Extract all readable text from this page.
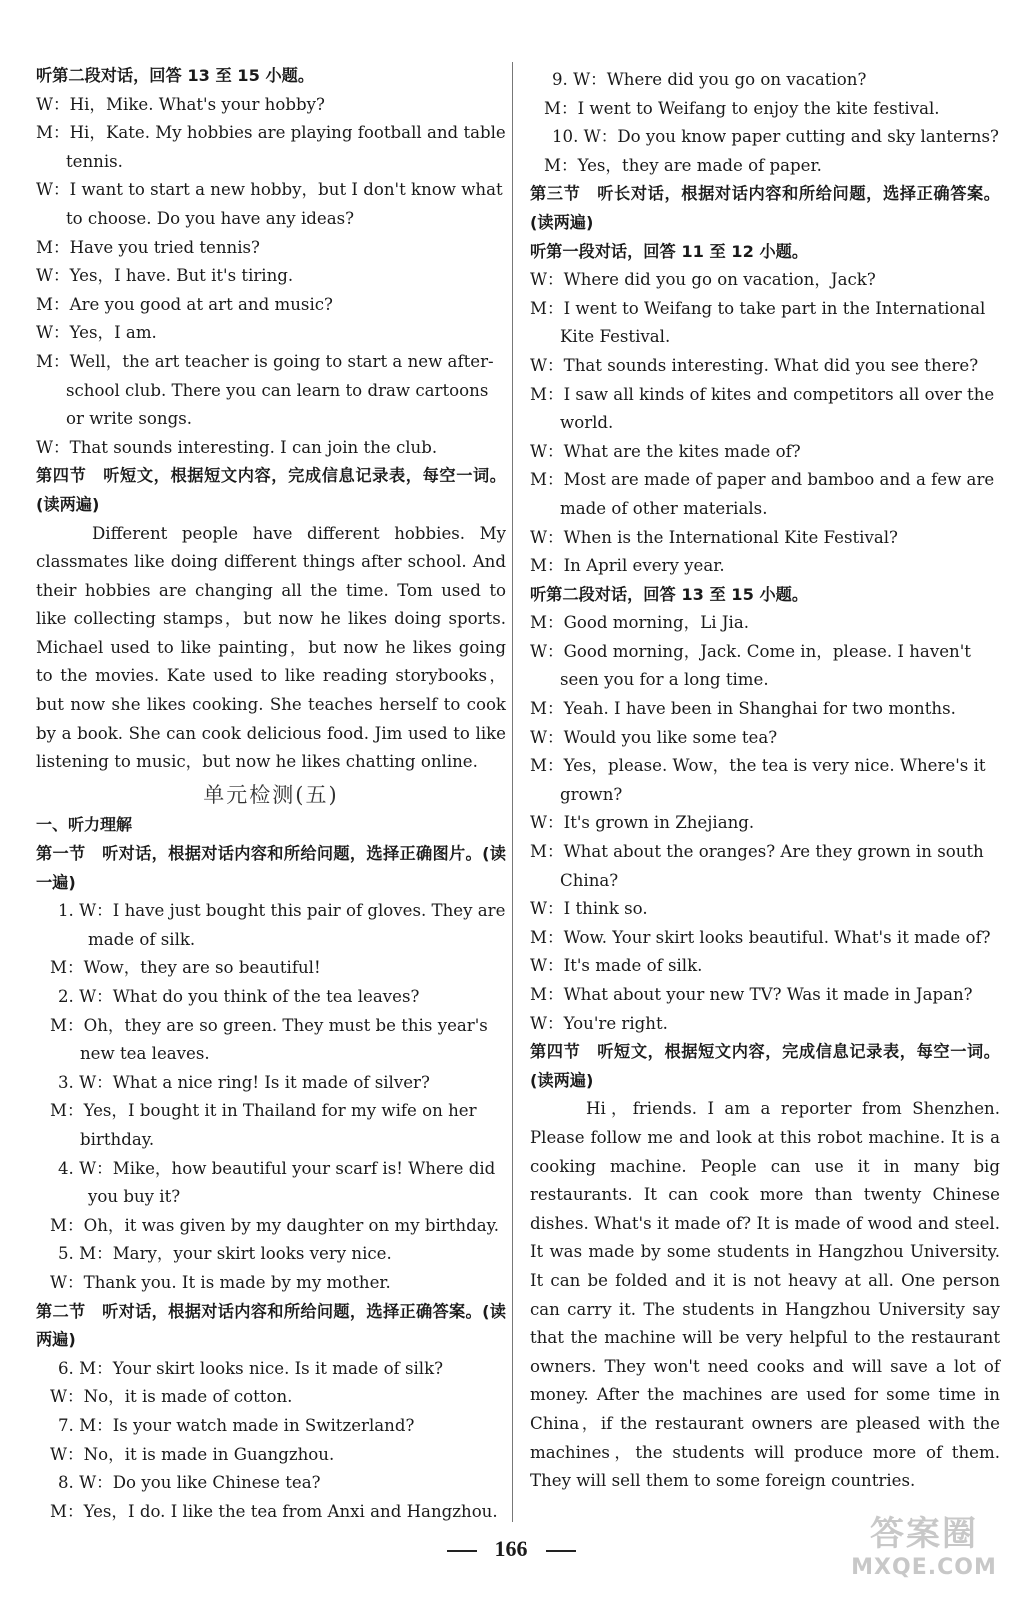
听第二段对话，回答 13 至 15 小题。

W：Hi，Mike. What's your hobby?

M：Hi，Kate. My hobbies are playing football and table tennis.

W：I want to start a new hobby，but I don't know what to choose. Do you have any ideas?

M：Have you tried tennis?

W：Yes，I have. But it's tiring.

M：Are you good at art and music?

W：Yes，I am.

M：Well，the art teacher is going to start a new after-school club. There you can learn to draw cartoons or write songs.

W：That sounds interesting. I can join the club.

第四节　听短文，根据短文内容，完成信息记录表，每空一词。(读两遍)

Different people have different hobbies. My classmates like doing different things after school. And their hobbies are changing all the time. Tom used to like collecting stamps，but now he likes doing sports. Michael used to like painting，but now he likes going to the movies. Kate used to like reading storybooks，but now she likes cooking. She teaches herself to cook by a book. She can cook delicious food. Jim used to like listening to music，but now he likes chatting online.

单元检测(五)

一、听力理解

第一节　听对话，根据对话内容和所给问题，选择正确图片。(读一遍)

1. W：I have just bought this pair of gloves. They are made of silk.

M：Wow，they are so beautiful!

2. W：What do you think of the tea leaves?

M：Oh，they are so green. They must be this year's new tea leaves.

3. W：What a nice ring! Is it made of silver?

M：Yes，I bought it in Thailand for my wife on her birthday.

4. W：Mike，how beautiful your scarf is! Where did you buy it?

M：Oh，it was given by my daughter on my birthday.

5. M：Mary，your skirt looks very nice.

W：Thank you. It is made by my mother.

第二节　听对话，根据对话内容和所给问题，选择正确答案。(读两遍)

6. M：Your skirt looks nice. Is it made of silk?

W：No，it is made of cotton.

7. M：Is your watch made in Switzerland?

W：No，it is made in Guangzhou.

8. W：Do you like Chinese tea?

M：Yes，I do. I like the tea from Anxi and Hangzhou.

9. W：Where did you go on vacation?

M：I went to Weifang to enjoy the kite festival.

10. W：Do you know paper cutting and sky lanterns?

M：Yes，they are made of paper.

第三节　听长对话，根据对话内容和所给问题，选择正确答案。(读两遍)

听第一段对话，回答 11 至 12 小题。

W：Where did you go on vacation，Jack?

M：I went to Weifang to take part in the International Kite Festival.

W：That sounds interesting. What did you see there?

M：I saw all kinds of kites and competitors all over the world.

W：What are the kites made of?

M：Most are made of paper and bamboo and a few are made of other materials.

W：When is the International Kite Festival?

M：In April every year.

听第二段对话，回答 13 至 15 小题。

M：Good morning，Li Jia.

W：Good morning，Jack. Come in，please. I haven't seen you for a long time.

M：Yeah. I have been in Shanghai for two months.

W：Would you like some tea?

M：Yes，please. Wow，the tea is very nice. Where's it grown?

W：It's grown in Zhejiang.

M：What about the oranges? Are they grown in south China?

W：I think so.

M：Wow. Your skirt looks beautiful. What's it made of?

W：It's made of silk.

M：What about your new TV? Was it made in Japan?

W：You're right.

第四节　听短文，根据短文内容，完成信息记录表，每空一词。(读两遍)

Hi，friends. I am a reporter from Shenzhen. Please follow me and look at this robot machine. It is a cooking machine. People can use it in many big restaurants. It can cook more than twenty Chinese dishes. What's it made of? It is made of wood and steel. It was made by some students in Hangzhou University. It can be folded and it is not heavy at all. One person can carry it. The students in Hangzhou University say that the machine will be very helpful to the restaurant owners. They won't need cooks and will save a lot of money. After the machines are used for some time in China，if the restaurant owners are pleased with the machines，the students will produce more of them. They will sell them to some foreign countries.

166	答案圈
MXQE.COM
